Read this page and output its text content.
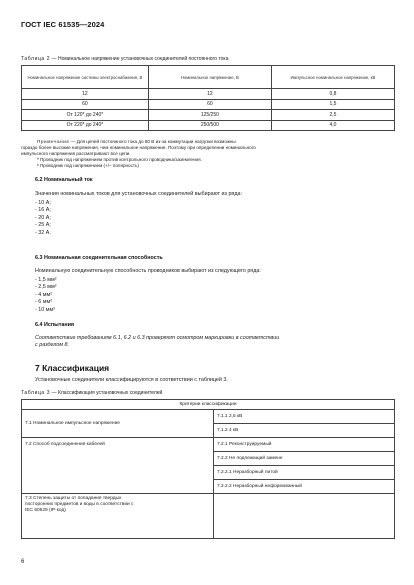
ГОСТ IEC 61535—2024
Таблица 2 — Номинальное напряжение установочных соединителей постоянного тока
Номинальное напряжение системы электроснабжения, В	Номинальное напряжение, В	Импульсное номинальное напряжение, кВ
12	12	0,8
60	60	1,5
От 120* до 240*	125/250	2,5
От 220* до 240*	250/500	4,0
Примечание — Для цепей постоянного тока до 60 В из-за коммутации нагрузки возможны
гораздо более высокие напряжения, чем номинальное напряжение. Поэтому при определении номинального
импульсного напряжения рассматривают все цепи.
ª Проводник под напряжением против контрольного проводника/заземления.
ᵇ Проводник под напряжением (+/– полярность)
6.2 Номинальный ток
Значения номинальных токов для установочных соединителей выбирают из ряда:
- 10 А;
- 16 А;
- 20 А;
- 25 А;
- 32 А.
6.3 Номинальная соединительная способность
Номинальную соединительную способность проводников выбирают из следующего ряда:
- 1,5 мм²
- 2,5 мм²
- 4 мм²
- 6 мм²
- 10 мм²
6.4 Испытания
Соответствие требованиям 6.1, 6.2 и 6.3 проверяют осмотром маркировки в соответствии
с разделом 8.
7 Классификация
Установочные соединители классифицируются в соответствии с таблицей 3.
Таблица 3 — Классификация установочных соединителей
Критерии классификации	
7.1 Номинальное импульсное напряжение	7.1.1 2,5 кВ
	7.1.2 4 кВ
7.2 Способ подсоединения кабелей	7.2.1 Реконструируемый
	7.2.2 Не подлежащий замене
	7.2.2.1 Неразборный литой
	7.2.2.2 Неразборный неформованный

7.3 Степень защиты от попадания твердых
посторонних предметов и воды в соответствии с
IEC 60529 (IP-код)	

6
